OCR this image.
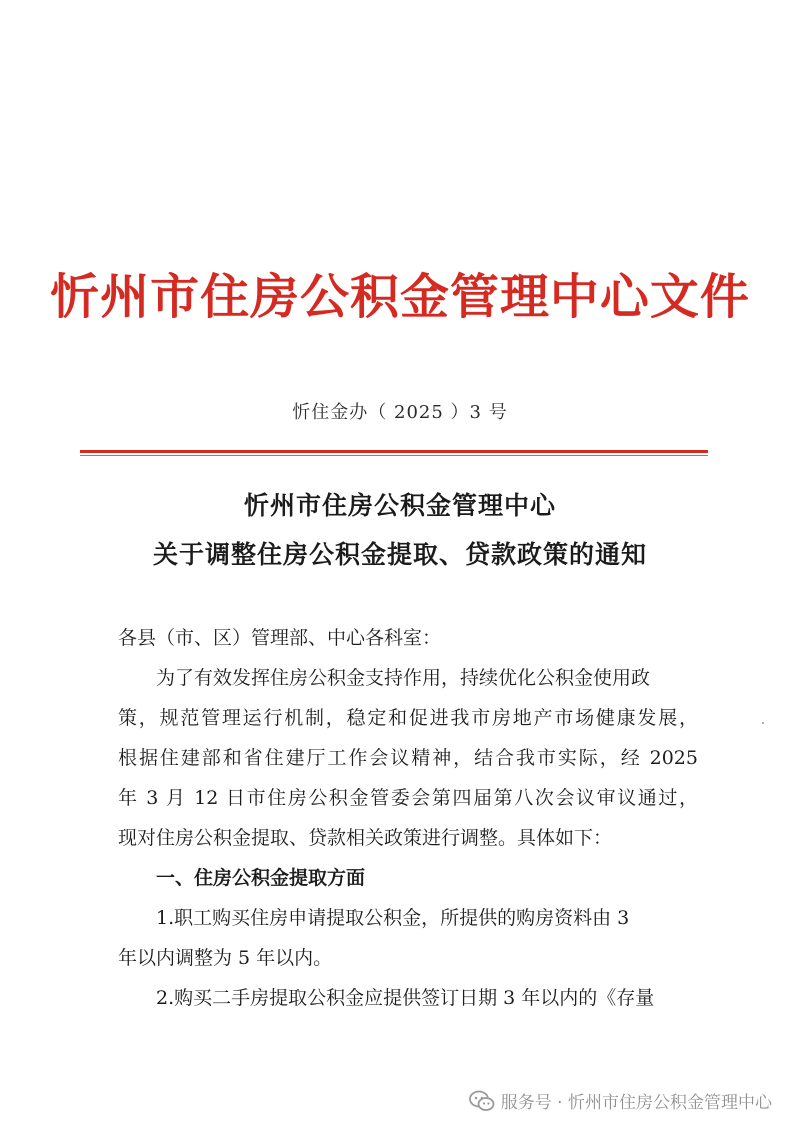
忻州市住房公积金管理中心文件
忻住金办（ 2025 ）3 号
忻州市住房公积金管理中心
关于调整住房公积金提取、贷款政策的通知
各县（市、区）管理部、中心各科室：
为了有效发挥住房公积金支持作用，持续优化公积金使用政
策，规范管理运行机制，稳定和促进我市房地产市场健康发展，
根据住建部和省住建厅工作会议精神，结合我市实际，经 2025
年 3 月 12 日市住房公积金管委会第四届第八次会议审议通过，
现对住房公积金提取、贷款相关政策进行调整。具体如下：
一、住房公积金提取方面
1.职工购买住房申请提取公积金，所提供的购房资料由 3
年以内调整为 5 年以内。
2.购买二手房提取公积金应提供签订日期 3 年以内的《存量
服务号 · 忻州市住房公积金管理中心
